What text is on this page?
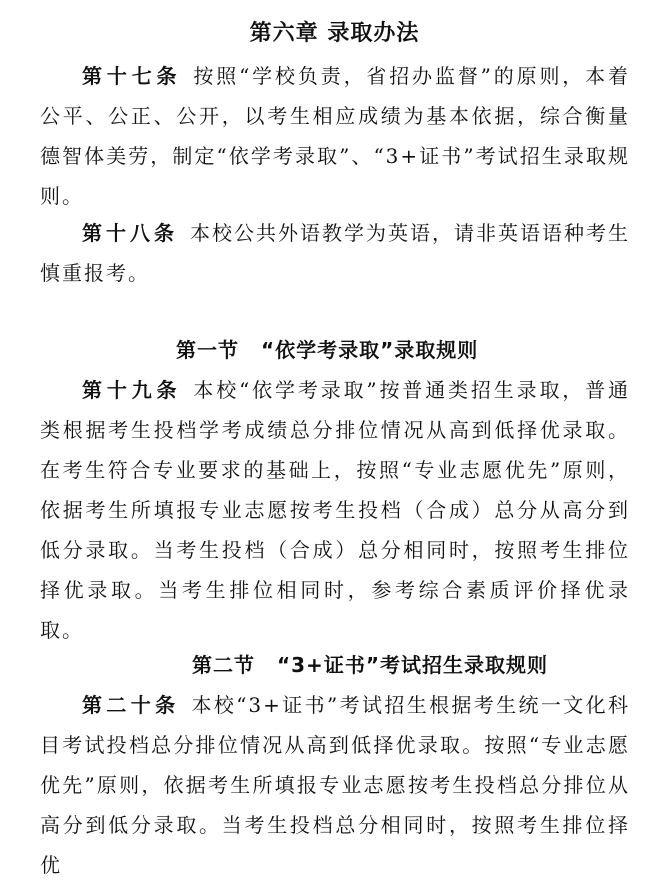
第六章 录取办法
第十七条 按照“学校负责，省招办监督”的原则，本着公平、公正、公开，以考生相应成绩为基本依据，综合衡量德智体美劳，制定“依学考录取”、“3+证书”考试招生录取规则。
第十八条 本校公共外语教学为英语，请非英语语种考生慎重报考。
第一节 “依学考录取”录取规则
第十九条 本校“依学考录取”按普通类招生录取，普通类根据考生投档学考成绩总分排位情况从高到低择优录取。在考生符合专业要求的基础上，按照“专业志愿优先”原则，依据考生所填报专业志愿按考生投档（合成）总分从高分到低分录取。当考生投档（合成）总分相同时，按照考生排位择优录取。当考生排位相同时，参考综合素质评价择优录取。
第二节 “3+证书”考试招生录取规则
第二十条 本校“3+证书”考试招生根据考生统一文化科目考试投档总分排位情况从高到低择优录取。按照“专业志愿优先”原则，依据考生所填报专业志愿按考生投档总分排位从高分到低分录取。当考生投档总分相同时，按照考生排位择优
